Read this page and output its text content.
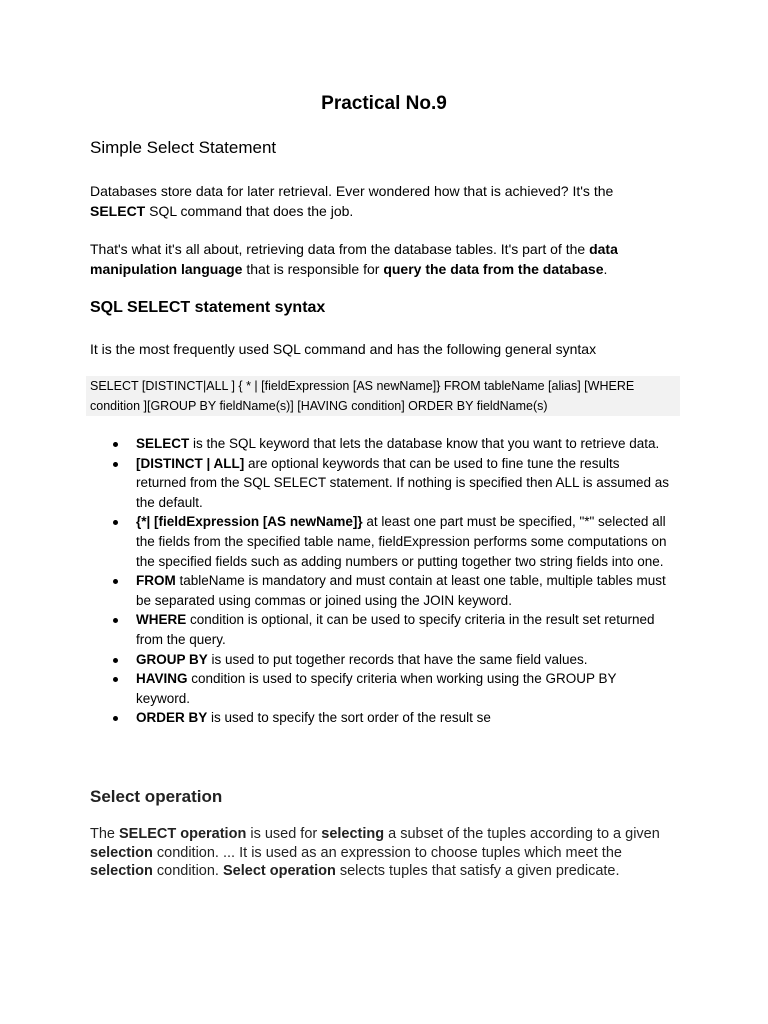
Practical No.9
Simple Select Statement

Databases store data for later retrieval. Ever wondered how that is achieved? It's the SELECT SQL command that does the job.

That's what it's all about, retrieving data from the database tables. It's part of the data manipulation language that is responsible for query the data from the database.

SQL SELECT statement syntax

It is the most frequently used SQL command and has the following general syntax

SELECT [DISTINCT|ALL ] { * | [fieldExpression [AS newName]} FROM tableName [alias] [WHERE condition ][GROUP BY fieldName(s)] [HAVING condition] ORDER BY fieldName(s)
SELECT is the SQL keyword that lets the database know that you want to retrieve data.
[DISTINCT | ALL] are optional keywords that can be used to fine tune the results returned from the SQL SELECT statement. If nothing is specified then ALL is assumed as the default.
{*| [fieldExpression [AS newName]} at least one part must be specified, "*" selected all the fields from the specified table name, fieldExpression performs some computations on the specified fields such as adding numbers or putting together two string fields into one.
FROM tableName is mandatory and must contain at least one table, multiple tables must be separated using commas or joined using the JOIN keyword.
WHERE condition is optional, it can be used to specify criteria in the result set returned from the query.
GROUP BY is used to put together records that have the same field values.
HAVING condition is used to specify criteria when working using the GROUP BY keyword.
ORDER BY is used to specify the sort order of the result se
Select operation

The SELECT operation is used for selecting a subset of the tuples according to a given selection condition. ... It is used as an expression to choose tuples which meet the selection condition. Select operation selects tuples that satisfy a given predicate.
